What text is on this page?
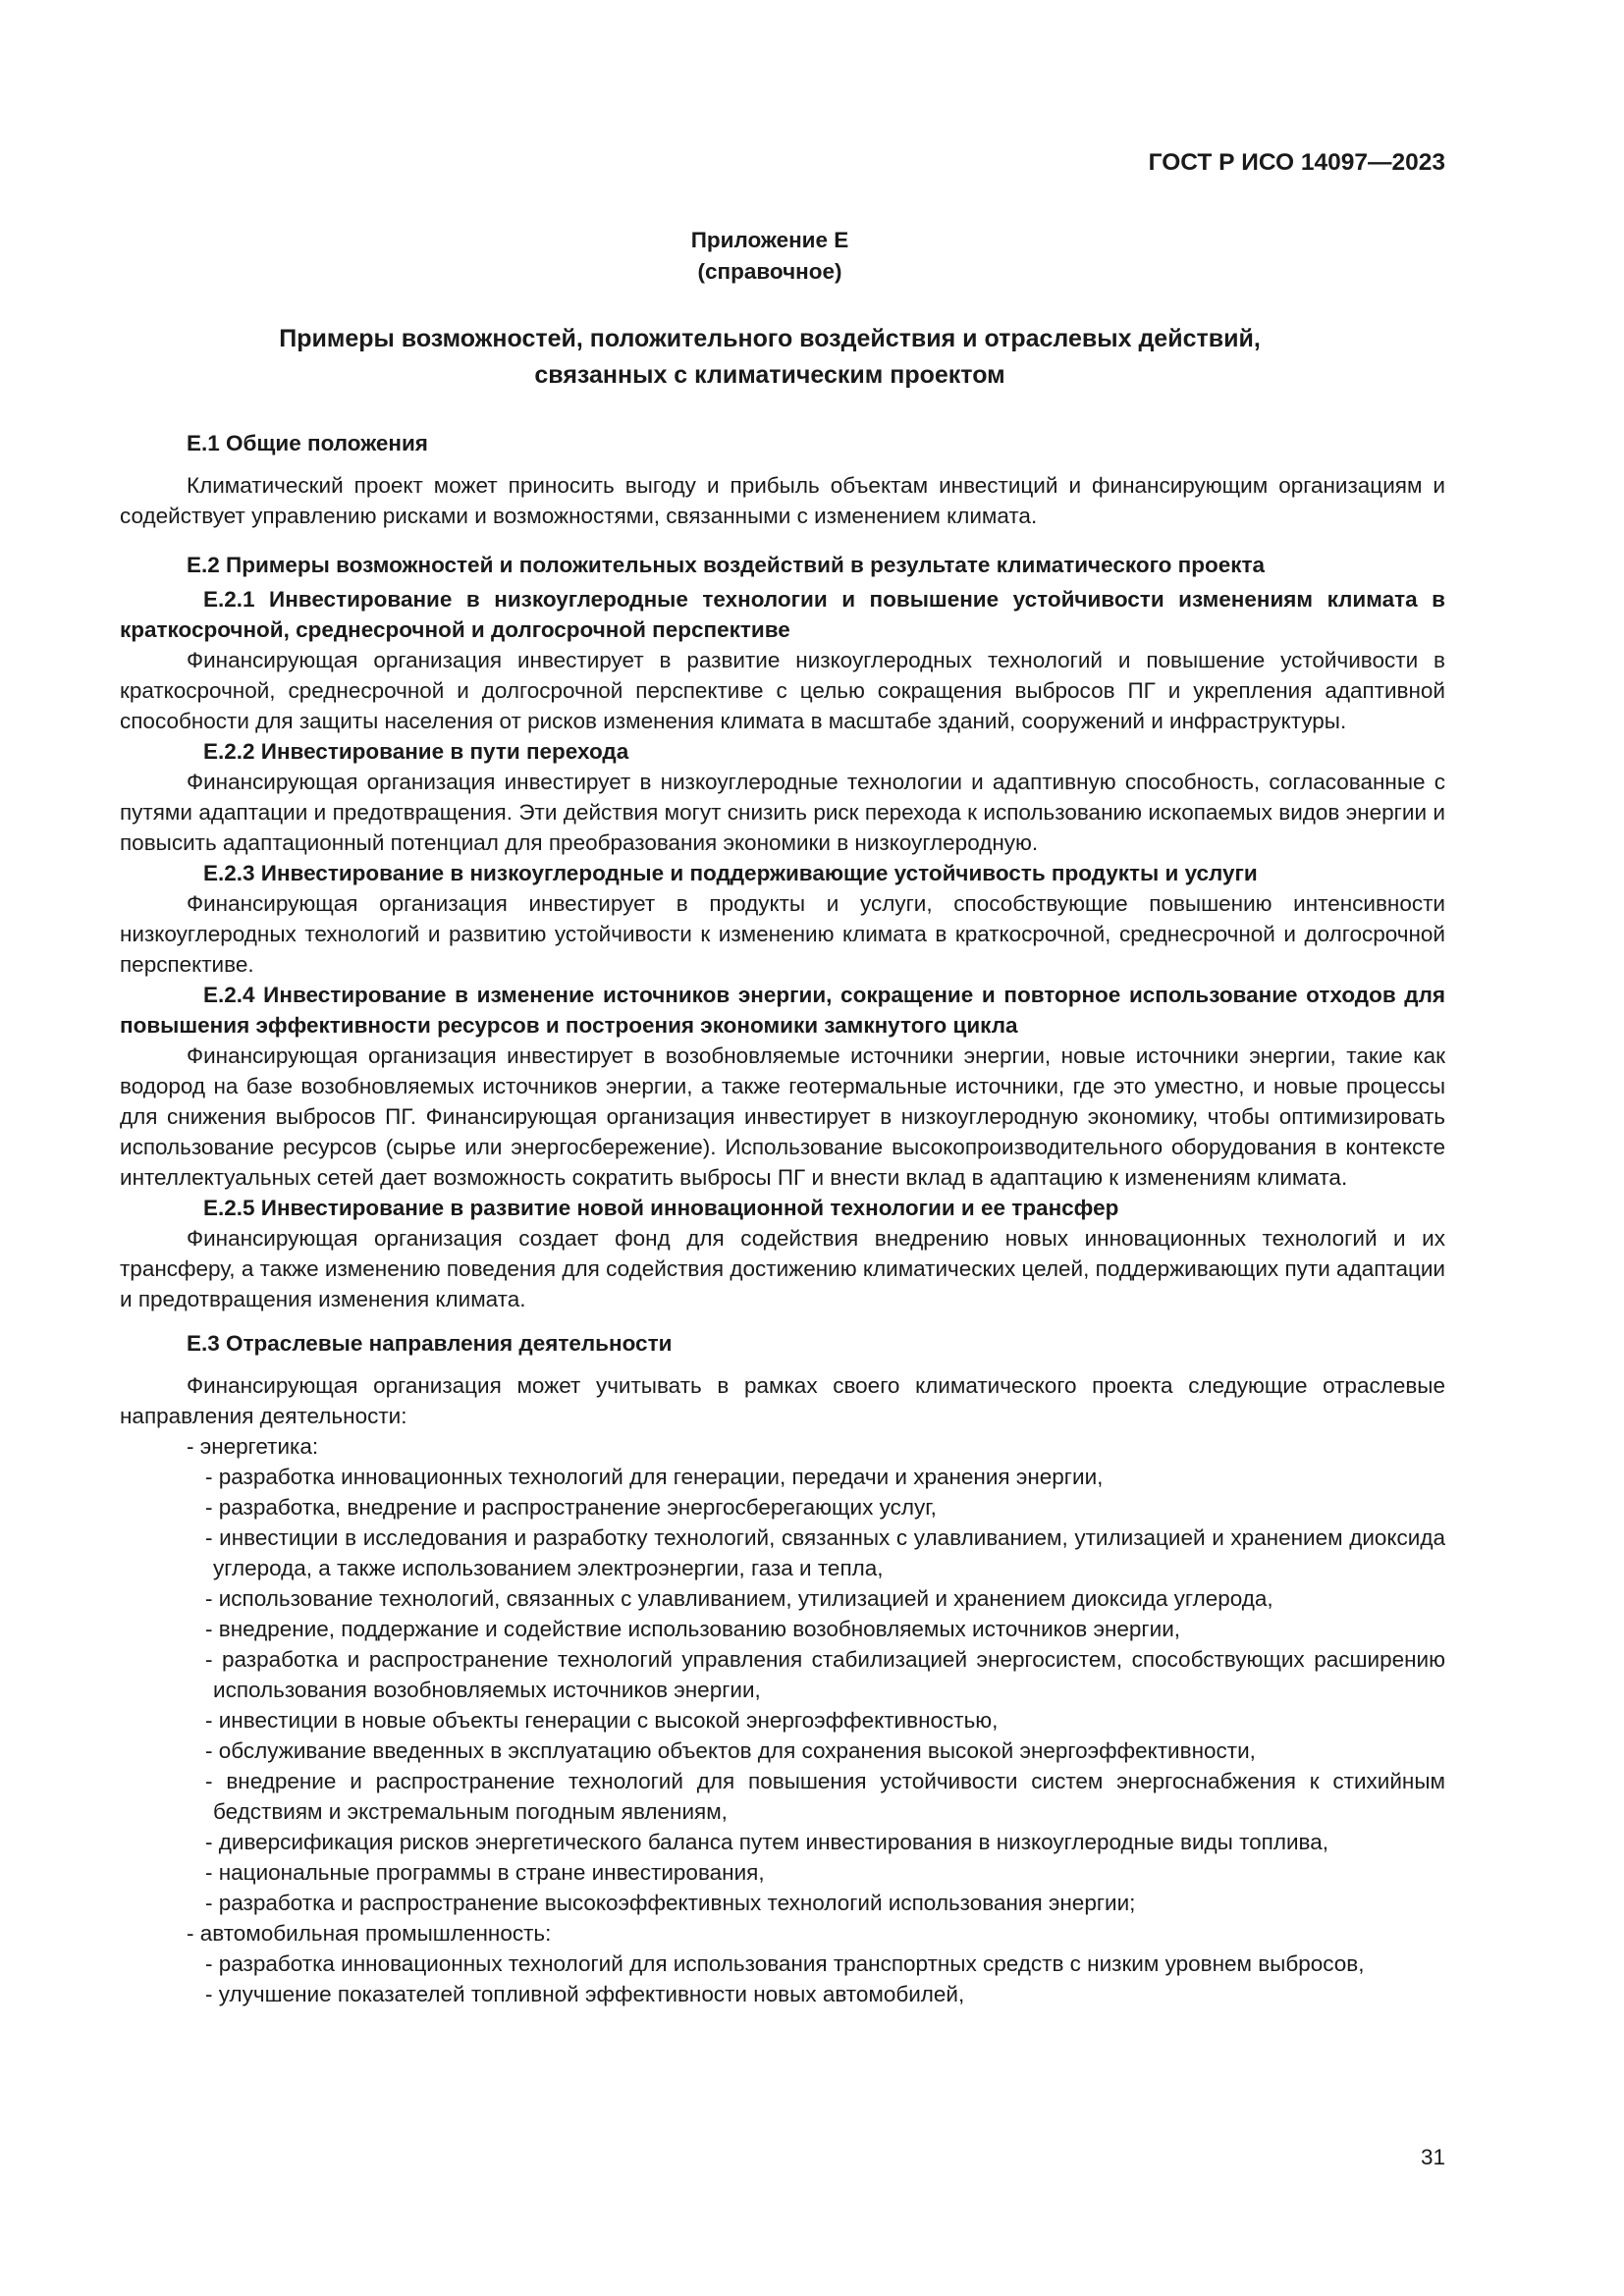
ГОСТ Р ИСО 14097—2023
Приложение Е
(справочное)
Примеры возможностей, положительного воздействия и отраслевых действий,
связанных с климатическим проектом

Е.1 Общие положения

Климатический проект может приносить выгоду и прибыль объектам инвестиций и финансирующим организациям и содействует управлению рисками и возможностями, связанными с изменением климата.

Е.2 Примеры возможностей и положительных воздействий в результате климатического проекта

Е.2.1 Инвестирование в низкоуглеродные технологии и повышение устойчивости изменениям климата в краткосрочной, среднесрочной и долгосрочной перспективе

Финансирующая организация инвестирует в развитие низкоуглеродных технологий и повышение устойчивости в краткосрочной, среднесрочной и долгосрочной перспективе с целью сокращения выбросов ПГ и укрепления адаптивной способности для защиты населения от рисков изменения климата в масштабе зданий, сооружений и инфраструктуры.

Е.2.2 Инвестирование в пути перехода

Финансирующая организация инвестирует в низкоуглеродные технологии и адаптивную способность, согласованные с путями адаптации и предотвращения. Эти действия могут снизить риск перехода к использованию ископаемых видов энергии и повысить адаптационный потенциал для преобразования экономики в низкоуглеродную.

Е.2.3 Инвестирование в низкоуглеродные и поддерживающие устойчивость продукты и услуги

Финансирующая организация инвестирует в продукты и услуги, способствующие повышению интенсивности низкоуглеродных технологий и развитию устойчивости к изменению климата в краткосрочной, среднесрочной и долгосрочной перспективе.

Е.2.4 Инвестирование в изменение источников энергии, сокращение и повторное использование отходов для повышения эффективности ресурсов и построения экономики замкнутого цикла

Финансирующая организация инвестирует в возобновляемые источники энергии, новые источники энергии, такие как водород на базе возобновляемых источников энергии, а также геотермальные источники, где это уместно, и новые процессы для снижения выбросов ПГ. Финансирующая организация инвестирует в низкоуглеродную экономику, чтобы оптимизировать использование ресурсов (сырье или энергосбережение). Использование высокопроизводительного оборудования в контексте интеллектуальных сетей дает возможность сократить выбросы ПГ и внести вклад в адаптацию к изменениям климата.

Е.2.5 Инвестирование в развитие новой инновационной технологии и ее трансфер

Финансирующая организация создает фонд для содействия внедрению новых инновационных технологий и их трансферу, а также изменению поведения для содействия достижению климатических целей, поддерживающих пути адаптации и предотвращения изменения климата.

Е.3 Отраслевые направления деятельности

Финансирующая организация может учитывать в рамках своего климатического проекта следующие отраслевые направления деятельности:

- энергетика:

- разработка инновационных технологий для генерации, передачи и хранения энергии,

- разработка, внедрение и распространение энергосберегающих услуг,

- инвестиции в исследования и разработку технологий, связанных с улавливанием, утилизацией и хранением диоксида углерода, а также использованием электроэнергии, газа и тепла,

- использование технологий, связанных с улавливанием, утилизацией и хранением диоксида углерода,

- внедрение, поддержание и содействие использованию возобновляемых источников энергии,

- разработка и распространение технологий управления стабилизацией энергосистем, способствующих расширению использования возобновляемых источников энергии,

- инвестиции в новые объекты генерации с высокой энергоэффективностью,

- обслуживание введенных в эксплуатацию объектов для сохранения высокой энергоэффективности,

- внедрение и распространение технологий для повышения устойчивости систем энергоснабжения к стихийным бедствиям и экстремальным погодным явлениям,

- диверсификация рисков энергетического баланса путем инвестирования в низкоуглеродные виды топлива,

- национальные программы в стране инвестирования,

- разработка и распространение высокоэффективных технологий использования энергии;

- автомобильная промышленность:

- разработка инновационных технологий для использования транспортных средств с низким уровнем выбросов,

- улучшение показателей топливной эффективности новых автомобилей,

31
